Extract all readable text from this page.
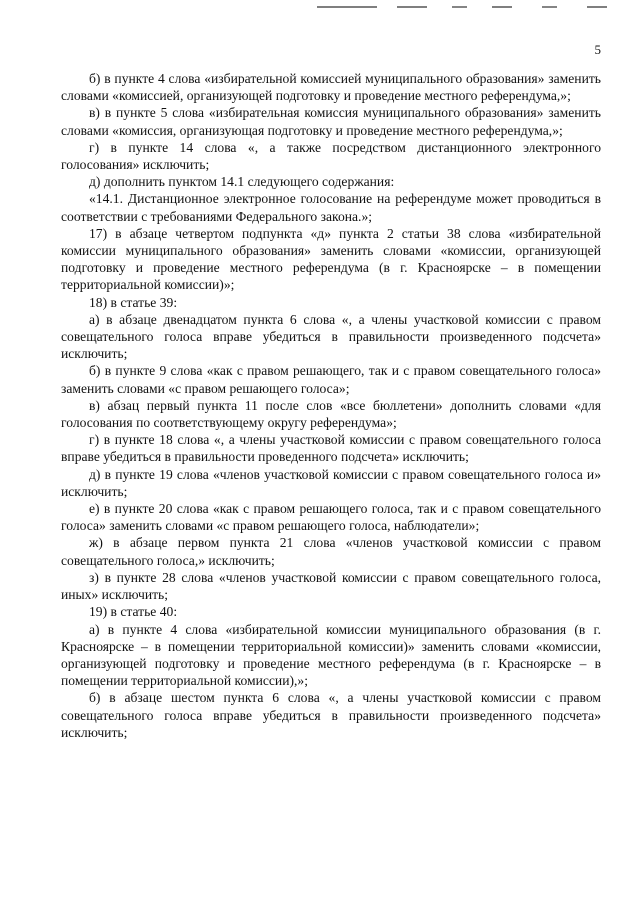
5

б) в пункте 4 слова «избирательной комиссией муниципального образования» заменить словами «комиссией, организующей подготовку и проведение местного референдума,»;

в) в пункте 5 слова «избирательная комиссия муниципального образования» заменить словами «комиссия, организующая подготовку и проведение местного референдума,»;

г) в пункте 14 слова «, а также посредством дистанционного электронного голосования» исключить;

д) дополнить пунктом 14.1 следующего содержания:

«14.1. Дистанционное электронное голосование на референдуме может проводиться в соответствии с требованиями Федерального закона.»;

17) в абзаце четвертом подпункта «д» пункта 2 статьи 38 слова «избирательной комиссии муниципального образования» заменить словами «комиссии, организующей подготовку и проведение местного референдума (в г. Красноярске – в помещении территориальной комиссии)»;

18) в статье 39:

а) в абзаце двенадцатом пункта 6 слова «, а члены участковой комиссии с правом совещательного голоса вправе убедиться в правильности произведенного подсчета» исключить;

б) в пункте 9 слова «как с правом решающего, так и с правом совещательного голоса» заменить словами «с правом решающего голоса»;

в) абзац первый пункта 11 после слов «все бюллетени» дополнить словами «для голосования по соответствующему округу референдума»;

г) в пункте 18 слова «, а члены участковой комиссии с правом совещательного голоса вправе убедиться в правильности проведенного подсчета» исключить;

д) в пункте 19 слова «членов участковой комиссии с правом совещательного голоса и» исключить;

е) в пункте 20 слова «как с правом решающего голоса, так и с правом совещательного голоса» заменить словами «с правом решающего голоса, наблюдатели»;

ж) в абзаце первом пункта 21 слова «членов участковой комиссии с правом совещательного голоса,» исключить;

з) в пункте 28 слова «членов участковой комиссии с правом совещательного голоса, иных» исключить;

19) в статье 40:

а) в пункте 4 слова «избирательной комиссии муниципального образования (в г. Красноярске – в помещении территориальной комиссии)» заменить словами «комиссии, организующей подготовку и проведение местного референдума (в г. Красноярске – в помещении территориальной комиссии),»;

б) в абзаце шестом пункта 6 слова «, а члены участковой комиссии с правом совещательного голоса вправе убедиться в правильности произведенного подсчета» исключить;
